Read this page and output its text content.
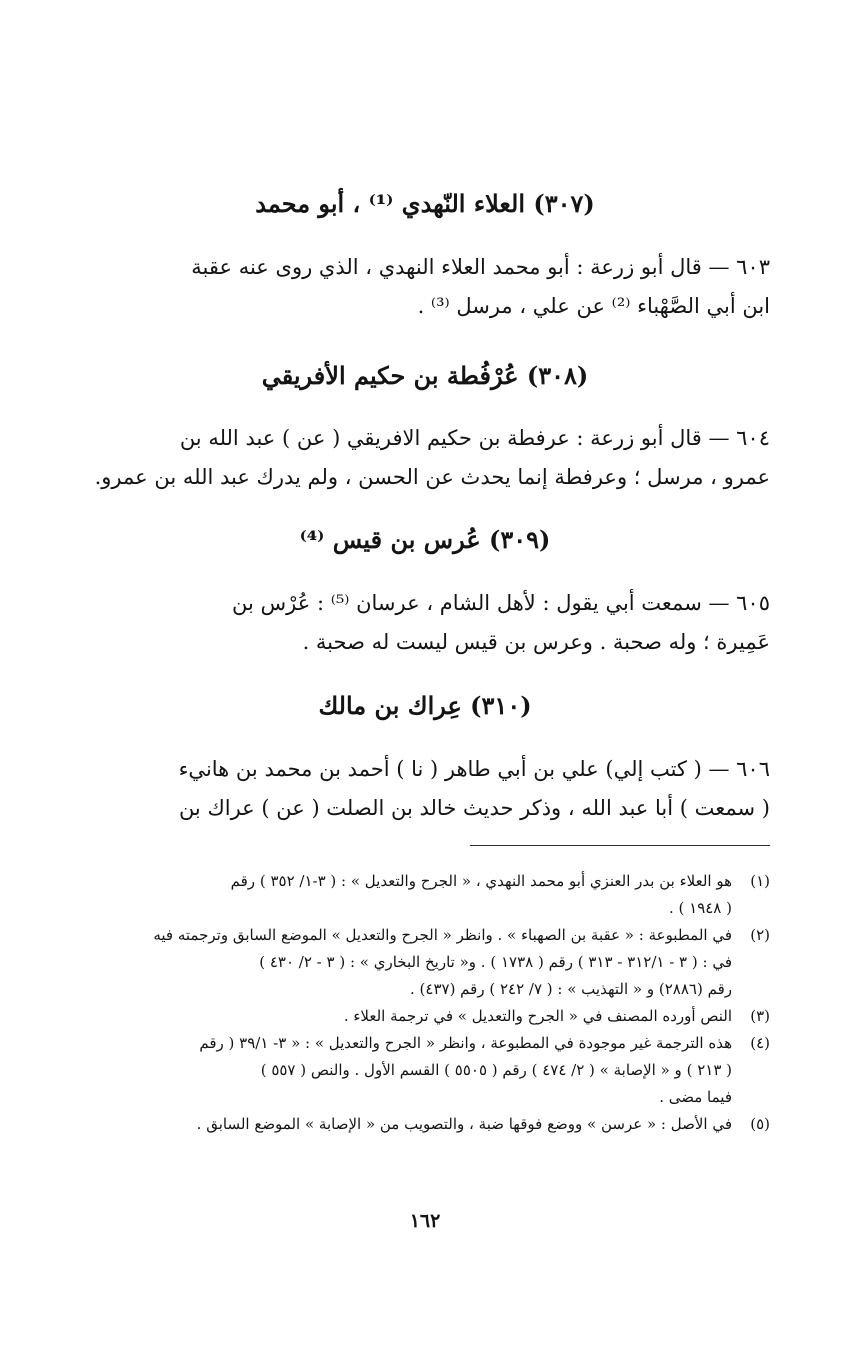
(٣٠٧) العلاء النّهدي ⁽¹⁾ ، أبو محمد

٦٠٣ — قال أبو زرعة : أبو محمد العلاء النهدي ، الذي روى عنه عقبة

ابن أبي الصَّهْباء ⁽²⁾ عن علي ، مرسل ⁽³⁾ .

(٣٠٨) عُرْفُطة بن حكيم الأفريقي

٦٠٤ — قال أبو زرعة : عرفطة بن حكيم الافريقي ( عن ) عبد الله بن

عمرو ، مرسل ؛ وعرفطة إنما يحدث عن الحسن ، ولم يدرك عبد الله بن عمرو.

(٣٠٩) عُرس بن قيس ⁽⁴⁾

٦٠٥ — سمعت أبي يقول : لأهل الشام ، عرسان ⁽⁵⁾ : عُرْس بن

عَمِيرة ؛ وله صحبة . وعرس بن قيس ليست له صحبة .

(٣١٠) عِراك بن مالك

٦٠٦ — ( كتب إلي) علي بن أبي طاهر ( نا ) أحمد بن محمد بن هانيء

( سمعت ) أبا عبد الله ، وذكر حديث خالد بن الصلت ( عن ) عراك بن

(١)
هو العلاء بن بدر العنزي أبو محمد النهدي ، « الجرح والتعديل » : ( ٣-١/ ٣٥٢ ) رقم
( ١٩٤٨ ) .
(٢)
في المطبوعة : « عقبة بن الصهباء » . وانظر « الجرح والتعديل » الموضع السابق وترجمته فيه
في : ( ٣ - ٣١٢/١ - ٣١٣ ) رقم ( ١٧٣٨ ) . و« تاريخ البخاري » : ( ٣ - ٢/ ٤٣٠ )
رقم (٢٨٨٦) و « التهذيب » : ( ٧/ ٢٤٢ ) رقم (٤٣٧) .
(٣)
النص أورده المصنف في « الجرح والتعديل » في ترجمة العلاء .
(٤)
هذه الترجمة غير موجودة في المطبوعة ، وانظر « الجرح والتعديل » : « ٣- ٣٩/١ ( رقم
( ٢١٣ ) و « الإصابة » ( ٢/ ٤٧٤ ) رقم ( ٥٥٠٥ ) القسم الأول . والنص ( ٥٥٧ )
فيما مضى .
(٥)
في الأصل : « عرسن » ووضع فوقها ضبة ، والتصويب من « الإصابة » الموضع السابق .
١٦٢
